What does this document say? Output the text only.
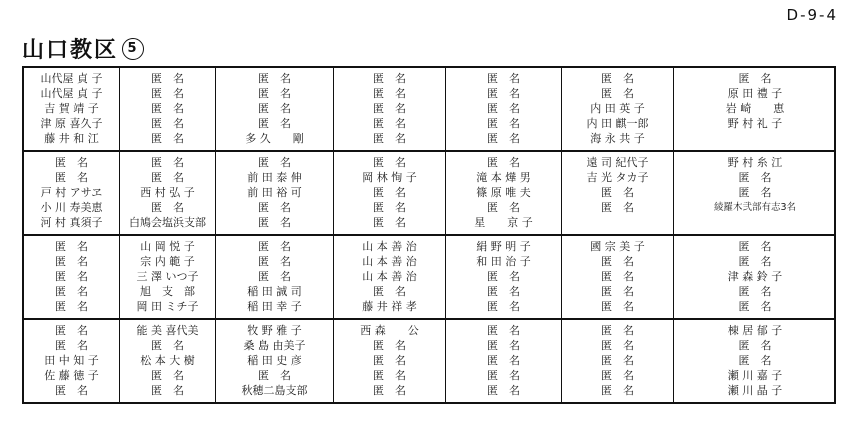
D-9-4
山口教区 5
山代屋 貞 子
山代屋 貞 子
吉 賀 靖 子
津 原 喜久子
藤 井 和 江
匿　名
匿　名
匿　名
匿　名
匿　名
匿　名
匿　名
匿　名
匿　名
多 久　　剛
匿　名
匿　名
匿　名
匿　名
匿　名
匿　名
匿　名
匿　名
匿　名
匿　名
匿　名
匿　名
内 田 英 子
内 田 麒一郎
海 永 共 子
匿　名
原 田 禮 子
岩 崎　　恵
野 村 礼 子
匿　名
匿　名
戸 村 アサヱ
小 川 寿美恵
河 村 真須子
匿　名
匿　名
西 村 弘 子
匿　名
白鳩会塩浜支部
匿　名
前 田 泰 伸
前 田 裕 可
匿　名
匿　名
匿　名
岡 林 恂 子
匿　名
匿　名
匿　名
匿　名
滝 本 燁 男
篠 原 唯 夫
匿　名
星　　京 子
遠 司 紀代子
吉 光 タカ子
匿　名
匿　名
野 村 糸 江
匿　名
匿　名
綾羅木弐部有志3名
匿　名
匿　名
匿　名
匿　名
匿　名
山 岡 悦 子
宗 内 範 子
三 澤 いつ子
旭　支　部
岡 田 ミチ子
匿　名
匿　名
匿　名
稲 田 誠 司
稲 田 幸 子
山 本 善 治
山 本 善 治
山 本 善 治
匿　名
藤 井 祥 孝
絹 野 明 子
和 田 治 子
匿　名
匿　名
匿　名
國 宗 美 子
匿　名
匿　名
匿　名
匿　名
匿　名
匿　名
津 森 鈴 子
匿　名
匿　名
匿　名
匿　名
田 中 知 子
佐 藤 徳 子
匿　名
能 美 喜代美
匿　名
松 本 大 樹
匿　名
匿　名
牧 野 雅 子
桑 島 由美子
稲 田 史 彦
匿　名
秋穂二島支部
西 森　　公
匿　名
匿　名
匿　名
匿　名
匿　名
匿　名
匿　名
匿　名
匿　名
匿　名
匿　名
匿　名
匿　名
匿　名
棟 居 郁 子
匿　名
匿　名
瀬 川 嘉 子
瀬 川 晶 子
